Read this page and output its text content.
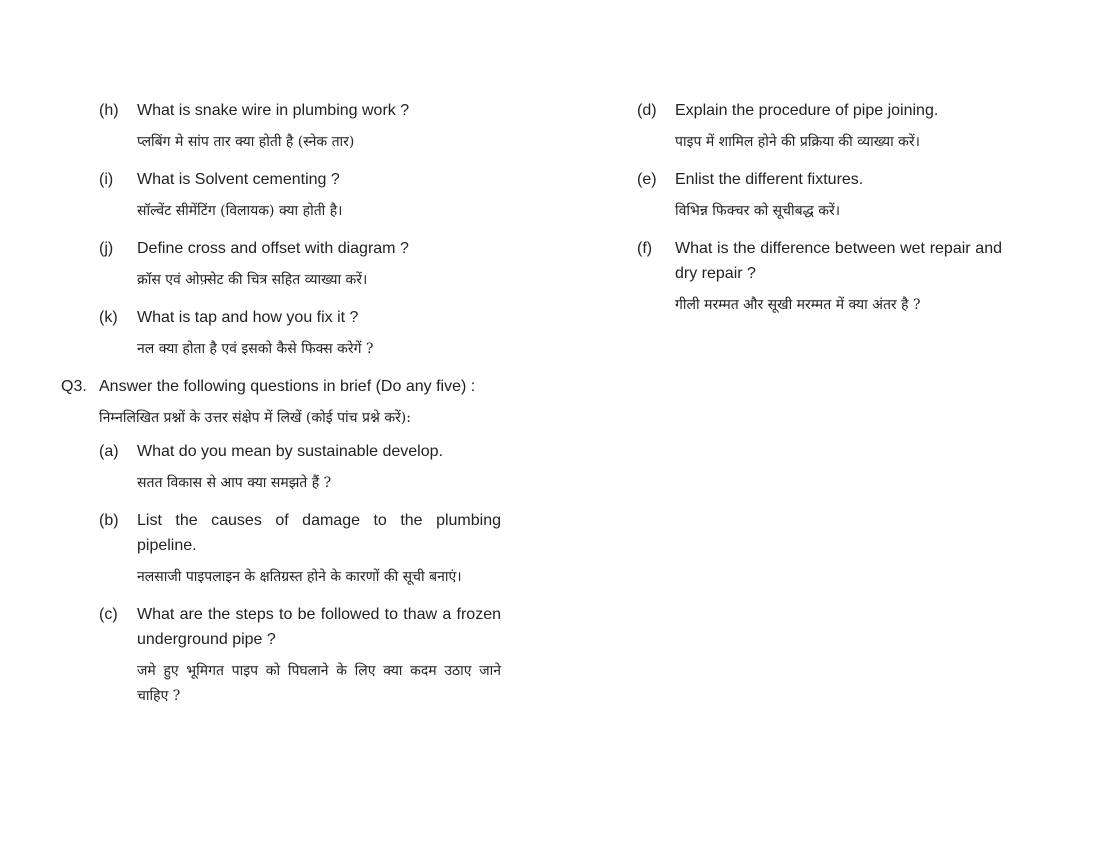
(h) What is snake wire in plumbing work ?
प्लबिंग मे सांप तार क्या होती है (स्नेक तार)
(i) What is Solvent cementing ?
सॉल्वेंट सीमेंटिंग (विलायक) क्या होती है।
(j) Define cross and offset with diagram ?
क्रॉस एवं ओफ़्सेट की चित्र सहित व्याख्या करें।
(k) What is tap and how you fix it ?
नल क्या होता है एवं इसको कैसे फिक्स करेगें ?
Q3. Answer the following questions in brief (Do any five) :
निम्नलिखित प्रश्नों के उत्तर संक्षेप में लिखें (कोई पांच प्रश्ने करें):
(a) What do you mean by sustainable develop.
सतत विकास से आप क्या समझते हैं ?
(b) List the causes of damage to the plumbing pipeline.
नलसाजी पाइपलाइन के क्षतिग्रस्त होने के कारणों की सूची बनाएं।
(c) What are the steps to be followed to thaw a frozen underground pipe ?
जमे हुए भूमिगत पाइप को पिघलाने के लिए क्या कदम उठाए जाने चाहिए ?
(d) Explain the procedure of pipe joining.
पाइप में शामिल होने की प्रक्रिया की व्याख्या करें।
(e) Enlist the different fixtures.
विभिन्न फिक्चर को सूचीबद्ध करें।
(f) What is the difference between wet repair and dry repair ?
गीली मरम्मत और सूखी मरम्मत में क्या अंतर है ?
